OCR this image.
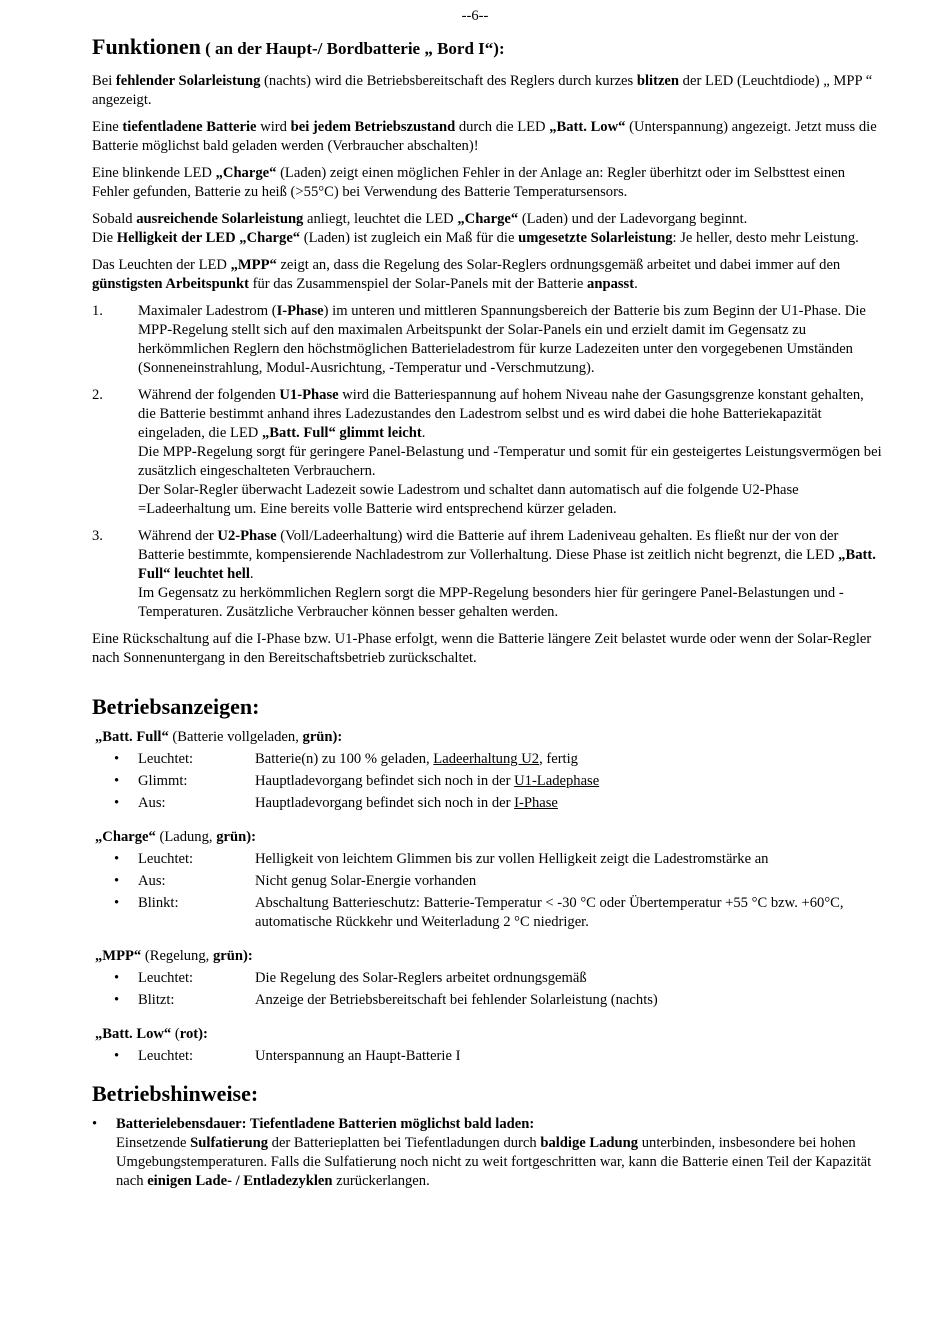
--6--
Funktionen ( an der Haupt-/ Bordbatterie „ Bord I“):

Bei fehlender Solarleistung (nachts) wird die Betriebsbereitschaft des Reglers durch kurzes blitzen der LED (Leuchtdiode) „ MPP “ angezeigt.

Eine tiefentladene Batterie wird bei jedem Betriebszustand durch die LED „Batt. Low“ (Unterspannung) angezeigt. Jetzt muss die Batterie möglichst bald geladen werden (Verbraucher abschalten)!

Eine blinkende LED „Charge“ (Laden) zeigt einen möglichen Fehler in der Anlage an: Regler überhitzt oder im Selbsttest einen Fehler gefunden, Batterie zu heiß (>55°C) bei Verwendung des Batterie Temperatursensors.

Sobald ausreichende Solarleistung anliegt, leuchtet die LED „Charge“ (Laden) und der Ladevorgang beginnt.
Die Helligkeit der LED „Charge“ (Laden) ist zugleich ein Maß für die umgesetzte Solarleistung: Je heller, desto mehr Leistung.

Das Leuchten der LED „MPP“ zeigt an, dass die Regelung des Solar-Reglers ordnungsgemäß arbeitet und dabei immer auf den günstigsten Arbeitspunkt für das Zusammenspiel der Solar-Panels mit der Batterie anpasst.

1. Maximaler Ladestrom (I-Phase) im unteren und mittleren Spannungsbereich der Batterie bis zum Beginn der U1-Phase. Die MPP-Regelung stellt sich auf den maximalen Arbeitspunkt der Solar-Panels ein und erzielt damit im Gegensatz zu herkömmlichen Reglern den höchstmöglichen Batterieladestrom für kurze Ladezeiten unter den vorgegebenen Umständen (Sonneneinstrahlung, Modul-Ausrichtung, -Temperatur und -Verschmutzung).
2. Während der folgenden U1-Phase wird die Batteriespannung auf hohem Niveau nahe der Gasungsgrenze konstant gehalten, die Batterie bestimmt anhand ihres Ladezustandes den Ladestrom selbst und es wird dabei die hohe Batteriekapazität eingeladen, die LED „Batt. Full“ glimmt leicht.
Die MPP-Regelung sorgt für geringere Panel-Belastung und -Temperatur und somit für ein gesteigertes Leistungsvermögen bei zusätzlich eingeschalteten Verbrauchern.
Der Solar-Regler überwacht Ladezeit sowie Ladestrom und schaltet dann automatisch auf die folgende U2-Phase =Ladeerhaltung um. Eine bereits volle Batterie wird entsprechend kürzer geladen.
3. Während der U2-Phase (Voll/Ladeerhaltung) wird die Batterie auf ihrem Ladeniveau gehalten. Es fließt nur der von der Batterie bestimmte, kompensierende Nachladestrom zur Vollerhaltung. Diese Phase ist zeitlich nicht begrenzt, die LED „Batt. Full“ leuchtet hell.
Im Gegensatz zu herkömmlichen Reglern sorgt die MPP-Regelung besonders hier für geringere Panel-Belastungen und -Temperaturen. Zusätzliche Verbraucher können besser gehalten werden.

Eine Rückschaltung auf die I-Phase bzw. U1-Phase erfolgt, wenn die Batterie längere Zeit belastet wurde oder wenn der Solar-Regler nach Sonnenuntergang in den Bereitschaftsbetrieb zurückschaltet.

Betriebsanzeigen:
„Batt. Full“ (Batterie vollgeladen, grün):
• Leuchtet:	Batterie(n) zu 100 % geladen, Ladeerhaltung U2, fertig
• Glimmt:	Hauptladevorgang befindet sich noch in der U1-Ladephase
• Aus:	Hauptladevorgang befindet sich noch in der I-Phase
„Charge“ (Ladung, grün):
• Leuchtet:	Helligkeit von leichtem Glimmen bis zur vollen Helligkeit zeigt die Ladestromstärke an
• Aus:	Nicht genug Solar-Energie vorhanden
• Blinkt:	Abschaltung Batterieschutz: Batterie-Temperatur < -30 °C oder Übertemperatur +55 °C bzw. +60°C, automatische Rückkehr und Weiterladung 2 °C niedriger.
„MPP“ (Regelung, grün):
• Leuchtet:	Die Regelung des Solar-Reglers arbeitet ordnungsgemäß
• Blitzt:	Anzeige der Betriebsbereitschaft bei fehlender Solarleistung (nachts)
„Batt. Low“ (rot):
• Leuchtet:	Unterspannung an Haupt-Batterie I
Betriebshinweise:
• Batterielebensdauer: Tiefentladene Batterien möglichst bald laden:
Einsetzende Sulfatierung der Batterieplatten bei Tiefentladungen durch baldige Ladung unterbinden, insbesondere bei hohen Umgebungstemperaturen. Falls die Sulfatierung noch nicht zu weit fortgeschritten war, kann die Batterie einen Teil der Kapazität nach einigen Lade- / Entladezyklen zurückerlangen.
